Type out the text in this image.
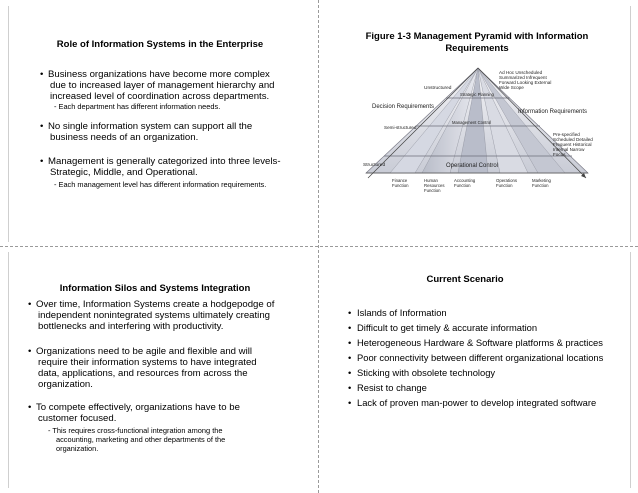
Role of Information Systems in the Enterprise
• Business organizations have become more complex
due to increased layer of management hierarchy and
increased level of coordination across departments.
- Each department has different information needs.
• No single information system can support all the
business needs of an organization.
• Management is generally categorized into three levels-
Strategic, Middle, and Operational.
- Each management level has different information requirements.
Figure 1-3 Management Pyramid with Information
Requirements
Ad Hoc Unscheduled
Summarized Infrequent
Forward Looking External
Wide Scope
Unstructured
Strategic Planning
Decision Requirements
Information Requirements
Semi-structured
Management Control
Pre-specified
Scheduled Detailed
Frequent Historical
Internal Narrow
Focus
Structured	Operational Control
Finance
Function
Human
Resources
Function
Accounting
Function
Operations
Function
Marketing
Function
Information Silos and Systems Integration
• Over time, Information Systems create a hodgepodge of
independent nonintegrated systems ultimately creating
bottlenecks and interfering with productivity.
• Organizations need to be agile and flexible and will
require their information systems to have integrated
data, applications, and resources from across the
organization.
• To compete effectively, organizations have to be
customer focused.
- This requires cross-functional integration among the
accounting, marketing and other departments of the
organization.
Current Scenario
• Islands of Information
• Difficult to get timely & accurate information
• Heterogeneous Hardware & Software platforms & practices
• Poor connectivity between different organizational locations
• Sticking with obsolete technology
• Resist to change
• Lack of proven man-power to develop integrated software
